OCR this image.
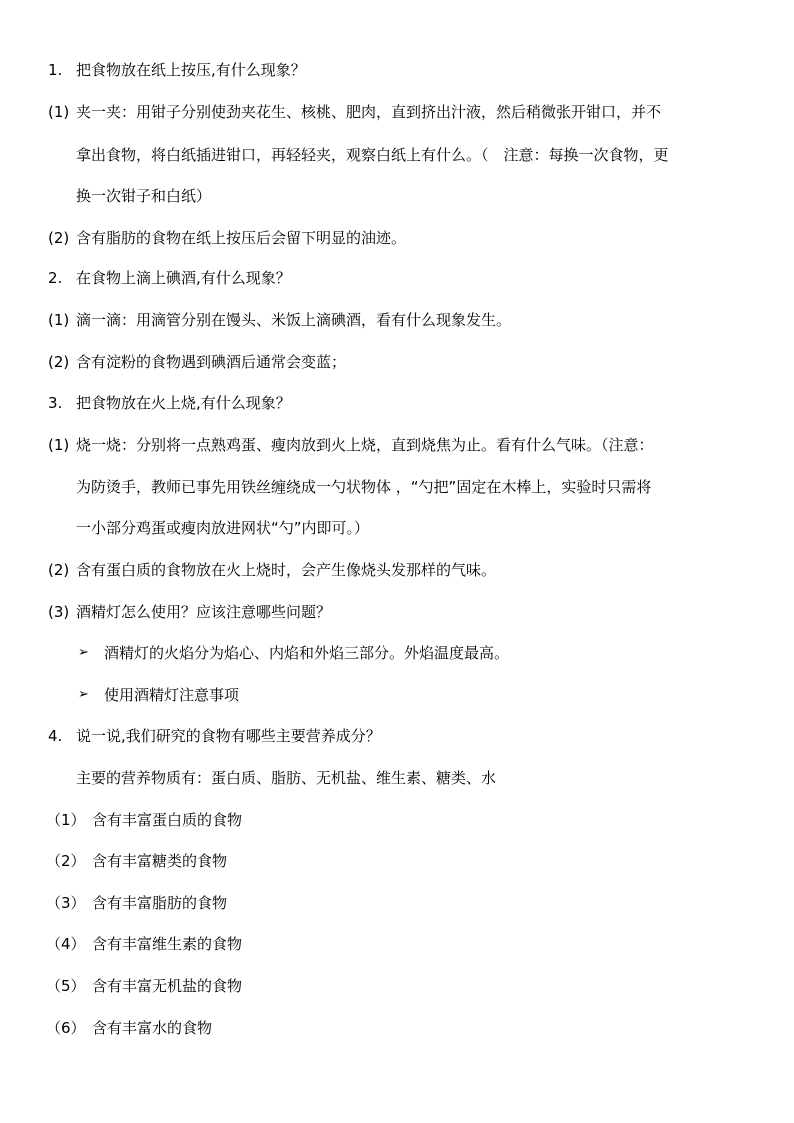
1. 把食物放在纸上按压,有什么现象？
(1) 夹一夹：用钳子分别使劲夹花生、核桃、肥肉，直到挤出汁液，然后稍微张开钳口，并不
拿出食物，将白纸插进钳口，再轻轻夹，观察白纸上有什么。（　注意：每换一次食物，更
换一次钳子和白纸）
(2) 含有脂肪的食物在纸上按压后会留下明显的油迹。
2. 在食物上滴上碘酒,有什么现象？
(1) 滴一滴：用滴管分别在馒头、米饭上滴碘酒，看有什么现象发生。
(2) 含有淀粉的食物遇到碘酒后通常会变蓝；
3. 把食物放在火上烧,有什么现象？
(1) 烧一烧：分别将一点熟鸡蛋、瘦肉放到火上烧，直到烧焦为止。看有什么气味。（注意：
为防烫手，教师已事先用铁丝缠绕成一勺状物体 ，“勺把”固定在木棒上，实验时只需将
一小部分鸡蛋或瘦肉放进网状“勺”内即可。）
(2) 含有蛋白质的食物放在火上烧时，会产生像烧头发那样的气味。
(3) 酒精灯怎么使用？应该注意哪些问题？
➢ 酒精灯的火焰分为焰心、内焰和外焰三部分。外焰温度最高。
➢ 使用酒精灯注意事项
4. 说一说,我们研究的食物有哪些主要营养成分？
主要的营养物质有：蛋白质、脂肪、无机盐、维生素、糖类、水
（1） 含有丰富蛋白质的食物
（2） 含有丰富糖类的食物
（3） 含有丰富脂肪的食物
（4） 含有丰富维生素的食物
（5） 含有丰富无机盐的食物
（6） 含有丰富水的食物
